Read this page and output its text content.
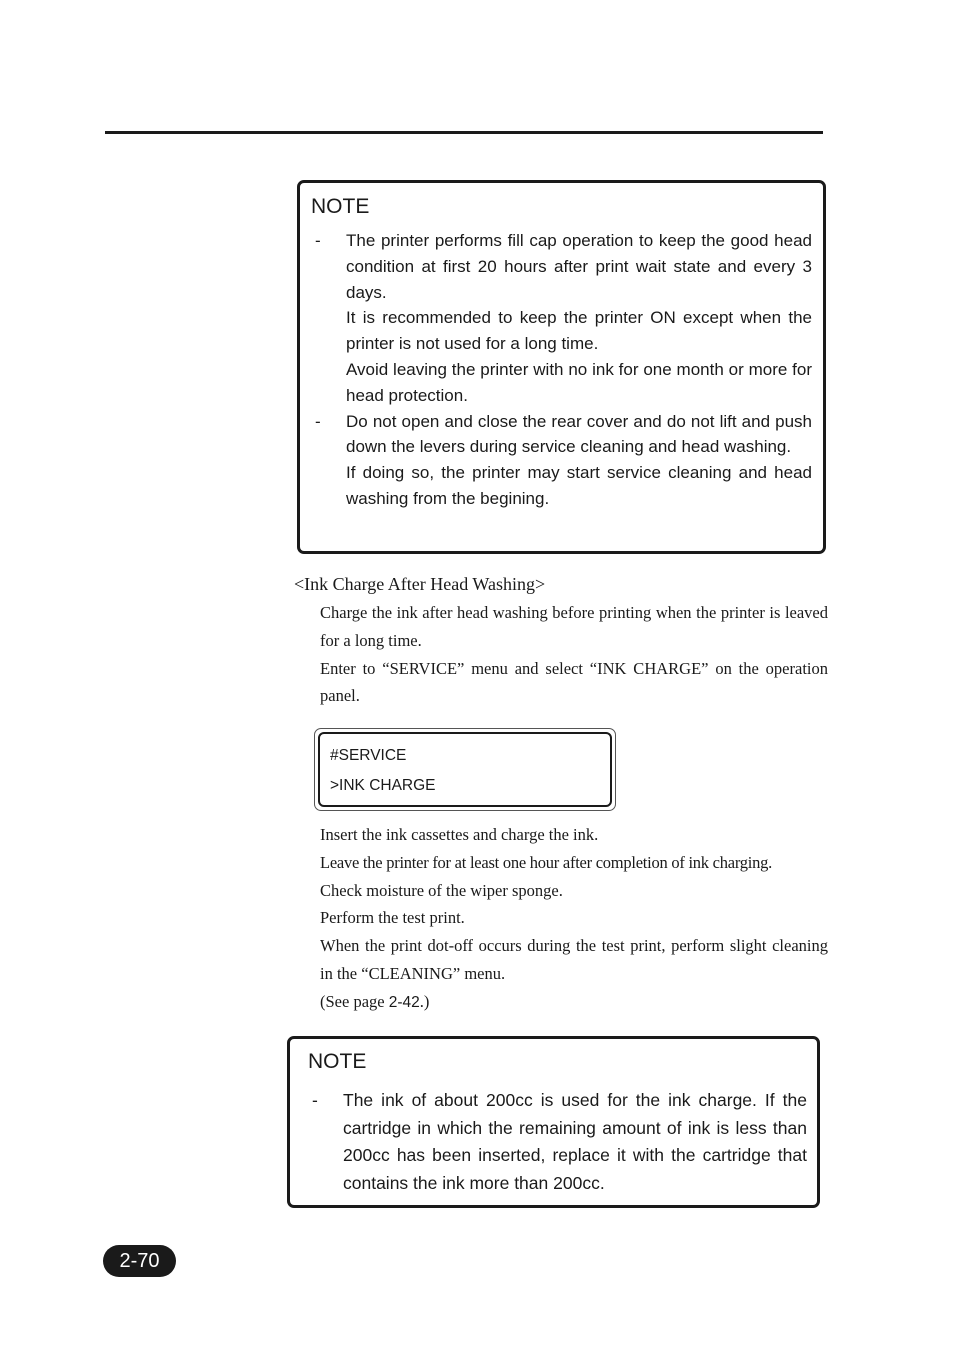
NOTE
- The printer performs fill cap operation to keep the good head condition at first 20 hours after print wait state and every 3 days.
It is recommended to keep the printer ON except when the printer is not used for a long time.
Avoid leaving the printer with no ink for one month or more for head protection.
- Do not open and close the rear cover and do not lift and push down the levers during service cleaning and head washing.
If doing so, the printer may start service cleaning and head washing from the begining.
<Ink Charge After Head Washing>

Charge the ink after head washing before printing when the printer is leaved for a long time.

Enter to “SERVICE” menu and select “INK CHARGE” on the operation panel.

#SERVICE
>INK CHARGE

Insert the ink cassettes and charge the ink.

Leave the printer for at least one hour after completion of ink charging.

Check moisture of the wiper sponge.

Perform the test print.

When the print dot-off occurs during the test print, perform slight cleaning in the “CLEANING” menu.

(See page 2-42.)

NOTE
- The ink of about 200cc is used for the ink charge. If the cartridge in which the remaining amount of ink is less than 200cc has been inserted, replace it with the cartridge that contains the ink more than 200cc.
2-70
